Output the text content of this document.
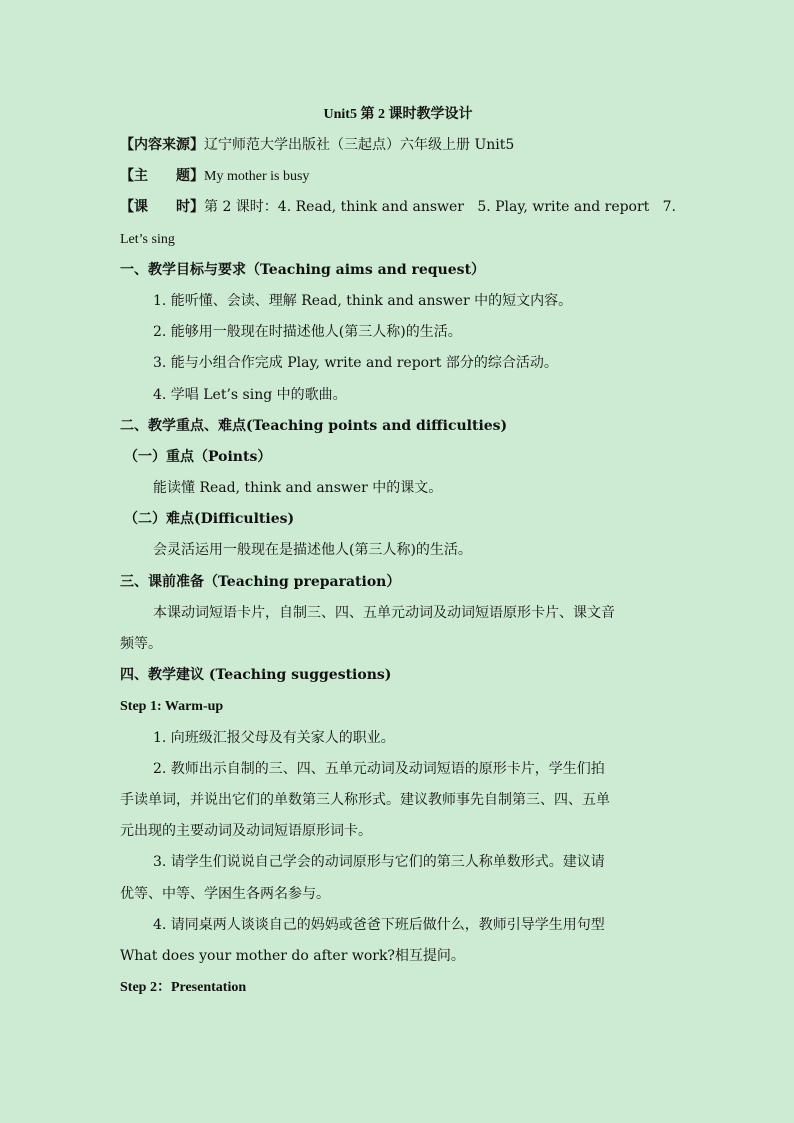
Unit5 第 2 课时教学设计
【内容来源】辽宁师范大学出版社（三起点）六年级上册 Unit5
【主　　题】My mother is busy
【课　　时】第 2 课时：4. Read, think and answer 5. Play, write and report 7.
Let’s sing
一、教学目标与要求（Teaching aims and request）
1. 能听懂、会读、理解 Read, think and answer 中的短文内容。
2. 能够用一般现在时描述他人(第三人称)的生活。
3. 能与小组合作完成 Play, write and report 部分的综合活动。
4. 学唱 Let’s sing 中的歌曲。
二、教学重点、难点(Teaching points and difficulties)
（一）重点（Points）
能读懂 Read, think and answer 中的课文。
（二）难点(Difficulties)
会灵活运用一般现在是描述他人(第三人称)的生活。
三、课前准备（Teaching preparation）
本课动词短语卡片，自制三、四、五单元动词及动词短语原形卡片、课文音
频等。
四、教学建议 (Teaching suggestions)
Step 1: Warm-up
1. 向班级汇报父母及有关家人的职业。
2. 教师出示自制的三、四、五单元动词及动词短语的原形卡片，学生们拍
手读单词，并说出它们的单数第三人称形式。建议教师事先自制第三、四、五单
元出现的主要动词及动词短语原形词卡。
3. 请学生们说说自己学会的动词原形与它们的第三人称单数形式。建议请
优等、中等、学困生各两名参与。
4. 请同桌两人谈谈自己的妈妈或爸爸下班后做什么，教师引导学生用句型
What does your mother do after work?相互提问。
Step 2：Presentation
